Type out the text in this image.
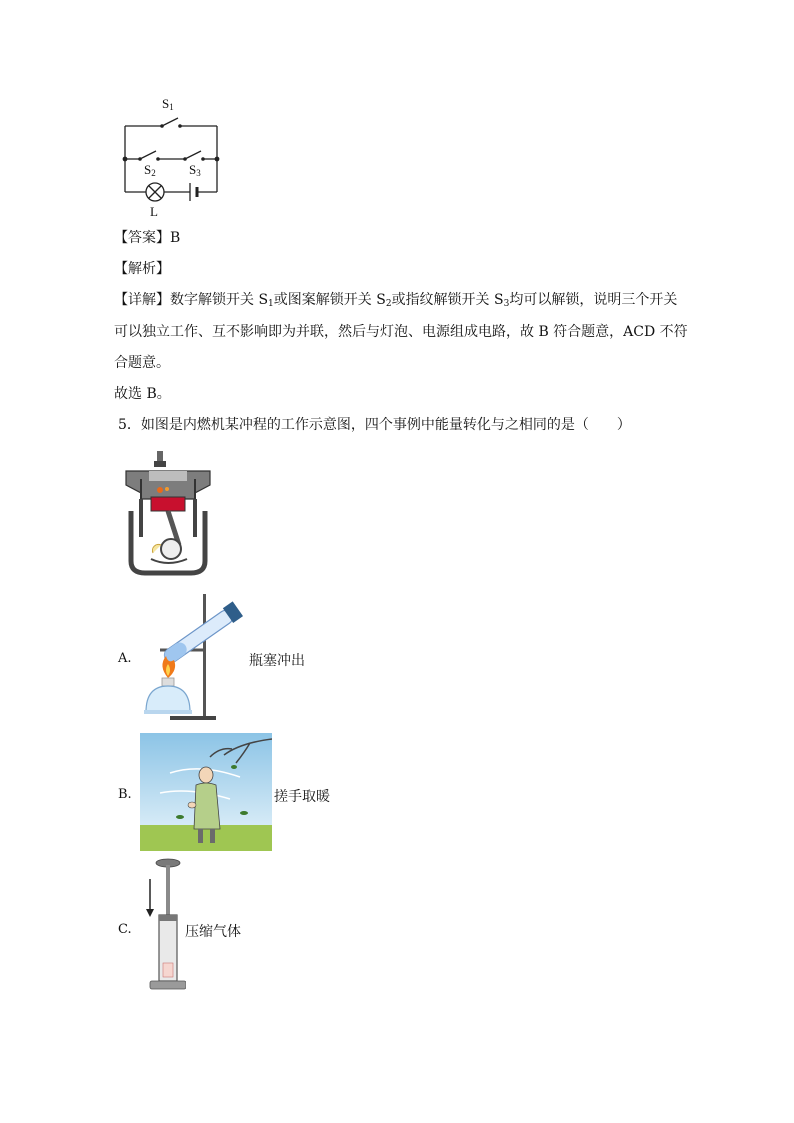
$S_1$
$S_2$	$S_3$
L
【答案】B
【解析】
【详解】数字解锁开关 $S_1$或图案解锁开关 $S_2$或指纹解锁开关 $S_3$均可以解锁，说明三个开关
可以独立工作、互不影响即为并联，然后与灯泡、电源组成电路，故 B 符合题意，ACD 不符
合题意。
故选 B。
5．如图是内燃机某冲程的工作示意图，四个事例中能量转化与之相同的是（　　）
A.	瓶塞冲出
B.	搓手取暖
C.	压缩气体
